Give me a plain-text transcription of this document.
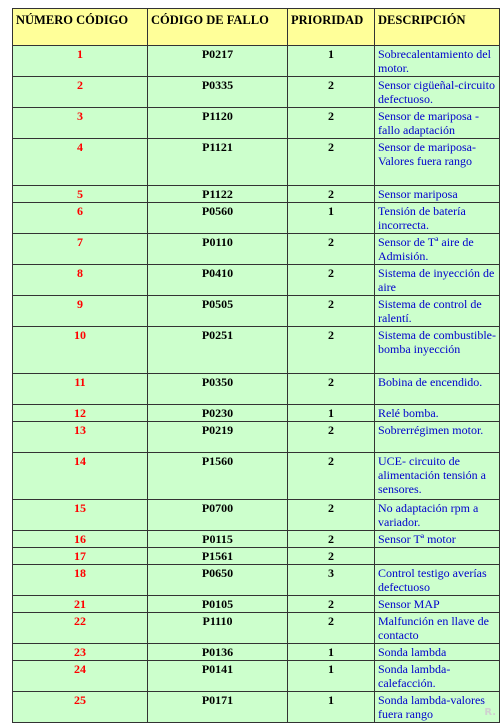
NÚMERO CÓDIGO	CÓDIGO DE FALLO	PRIORIDAD	DESCRIPCIÓN
1	P0217	1	Sobrecalentamiento del motor.
2	P0335	2	Sensor cigüeñal-circuito defectuoso.
3	P1120	2	Sensor de mariposa -fallo adaptación
4	P1121	2	Sensor de mariposa- Valores fuera rango
5	P1122	2	Sensor mariposa
6	P0560	1	Tensión de batería incorrecta.
7	P0110	2	Sensor de Tª aire de Admisión.
8	P0410	2	Sistema de inyección de aire
9	P0505	2	Sistema de control de ralentí.
10	P0251	2	Sistema de combustible-bomba inyección
11	P0350	2	Bobina de encendido.
12	P0230	1	Relé bomba.
13	P0219	2	Sobrerrégimen motor.
14	P1560	2	UCE- circuito de alimentación tensión a sensores.
15	P0700	2	No adaptación rpm a variador.
16	P0115	2	Sensor Tª motor
17	P1561	2	
18	P0650	3	Control testigo averías defectuoso
21	P0105	2	Sensor MAP
22	P1110	2	Malfunción en llave de contacto
23	P0136	1	Sonda lambda
24	P0141	1	Sonda lambda-calefacción.
25	P0171	1	Sonda lambda-valores fuera rango	R.
